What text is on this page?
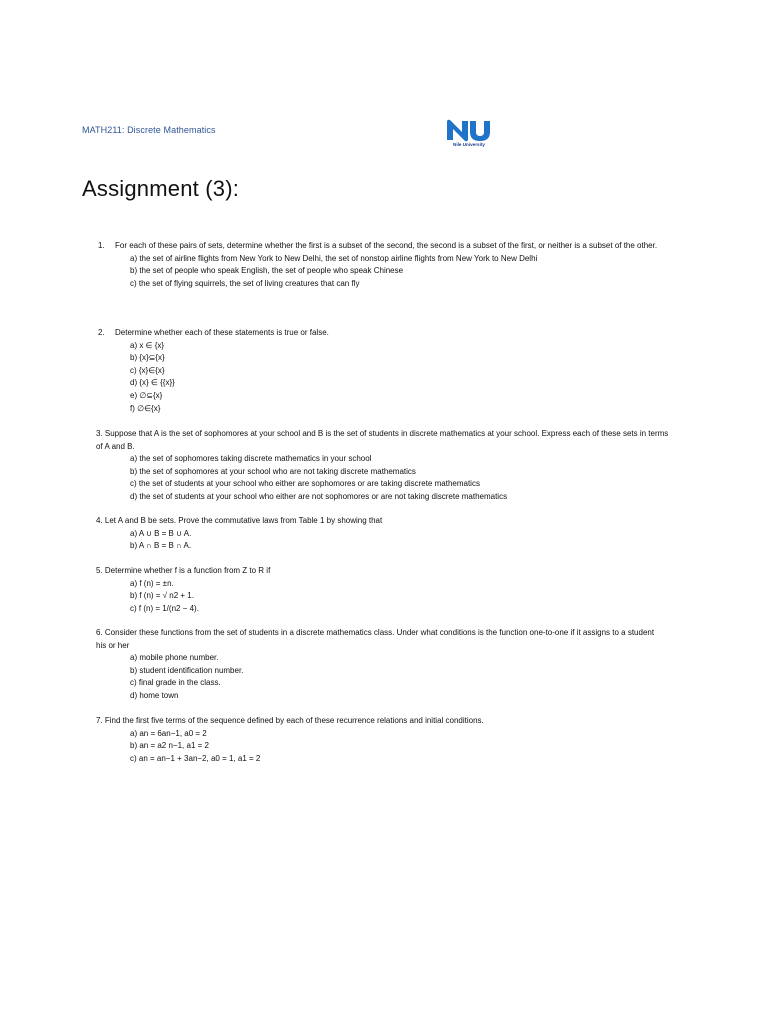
MATH211: Discrete Mathematics
Nile University
Assignment (3):
1.	For each of these pairs of sets, determine whether the first is a subset of the second, the second is a subset of the first, or neither is a subset of the other.
a) the set of airline flights from New York to New Delhi, the set of nonstop airline flights from New York to New Delhi
b) the set of people who speak English, the set of people who speak Chinese
c) the set of flying squirrels, the set of living creatures that can fly
2.	Determine whether each of these statements is true or false.
a) x ∈ {x}
b) {x}⊆{x}
c) {x}∈{x}
d) {x} ∈ {{x}}
e) ∅⊆{x}
f) ∅∈{x}
3. Suppose that A is the set of sophomores at your school and B is the set of students in discrete mathematics at your school. Express each of these sets in terms of A and B.
a) the set of sophomores taking discrete mathematics in your school
b) the set of sophomores at your school who are not taking discrete mathematics
c) the set of students at your school who either are sophomores or are taking discrete mathematics
d) the set of students at your school who either are not sophomores or are not taking discrete mathematics
4. Let A and B be sets. Prove the commutative laws from Table 1 by showing that
a) A ∪ B = B ∪ A.
b) A ∩ B = B ∩ A.
5. Determine whether f is a function from Z to R if
a) f (n) = ±n.
b) f (n) = √ n2 + 1.
c) f (n) = 1/(n2 − 4).
6. Consider these functions from the set of students in a discrete mathematics class. Under what conditions is the function one-to-one if it assigns to a student his or her
a) mobile phone number.
b) student identification number.
c) final grade in the class.
d) home town
7. Find the first five terms of the sequence defined by each of these recurrence relations and initial conditions.
a) an = 6an−1, a0 = 2
b) an = a2 n−1, a1 = 2
c) an = an−1 + 3an−2, a0 = 1, a1 = 2
